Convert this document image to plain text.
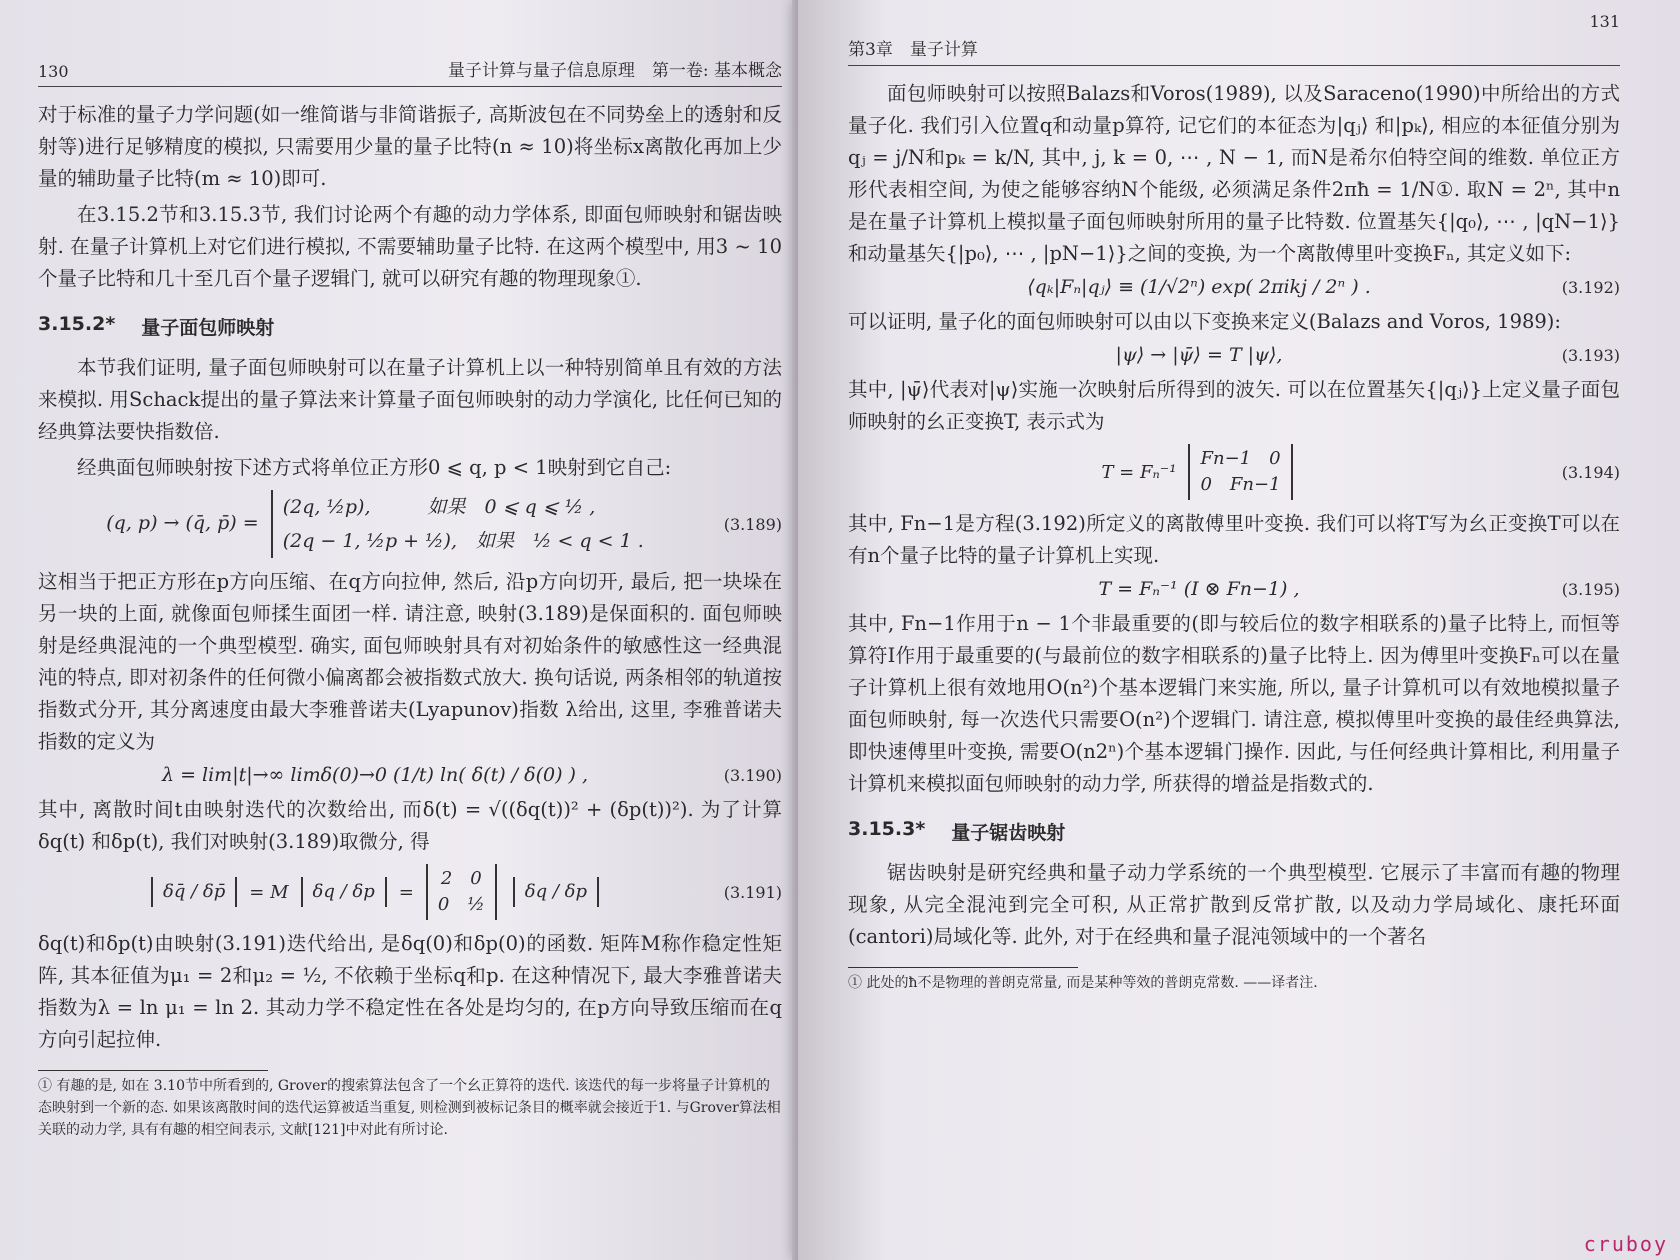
130	量子计算与量子信息原理　第一卷: 基本概念

对于标准的量子力学问题(如一维简谐与非简谐振子, 高斯波包在不同势垒上的透射和反射等)进行足够精度的模拟, 只需要用少量的量子比特(n ≈ 10)将坐标x离散化再加上少量的辅助量子比特(m ≈ 10)即可.

在3.15.2节和3.15.3节, 我们讨论两个有趣的动力学体系, 即面包师映射和锯齿映射. 在量子计算机上对它们进行模拟, 不需要辅助量子比特. 在这两个模型中, 用3 ~ 10个量子比特和几十至几百个量子逻辑门, 就可以研究有趣的物理现象①.

3.15.2* 量子面包师映射

本节我们证明, 量子面包师映射可以在量子计算机上以一种特别简单且有效的方法来模拟. 用Schack提出的量子算法来计算量子面包师映射的动力学演化, 比任何已知的经典算法要快指数倍.

经典面包师映射按下述方式将单位正方形0 ⩽ q, p < 1映射到它自己:

(q, p) → (q̄, p̄) = (2q, ½p),　　　如果　0 ⩽ q ⩽ ½ ,
(2q − 1, ½p + ½),　如果　½ < q < 1 .
(3.189)

这相当于把正方形在p方向压缩、在q方向拉伸, 然后, 沿p方向切开, 最后, 把一块垛在另一块的上面, 就像面包师揉生面团一样. 请注意, 映射(3.189)是保面积的. 面包师映射是经典混沌的一个典型模型. 确实, 面包师映射具有对初始条件的敏感性这一经典混沌的特点, 即对初条件的任何微小偏离都会被指数式放大. 换句话说, 两条相邻的轨道按指数式分开, 其分离速度由最大李雅普诺夫(Lyapunov)指数 λ给出, 这里, 李雅普诺夫指数的定义为

λ = lim|t|→∞ limδ(0)→0 (1/t) ln( δ(t) / δ(0) ) ,	(3.190)

其中, 离散时间t由映射迭代的次数给出, 而δ(t) = √((δq(t))² + (δp(t))²). 为了计算δq(t) 和δp(t), 我们对映射(3.189)取微分, 得

δq̄ / δp̄	= M	δq / δp	=
2　0
0　½
δq / δp	(3.191)

δq(t)和δp(t)由映射(3.191)迭代给出, 是δq(0)和δp(0)的函数. 矩阵M称作稳定性矩阵, 其本征值为μ₁ = 2和μ₂ = ½, 不依赖于坐标q和p. 在这种情况下, 最大李雅普诺夫指数为λ = ln μ₁ = ln 2. 其动力学不稳定性在各处是均匀的, 在p方向导致压缩而在q方向引起拉伸.

① 有趣的是, 如在 3.10节中所看到的, Grover的搜索算法包含了一个幺正算符的迭代. 该迭代的每一步将量子计算机的态映射到一个新的态. 如果该离散时间的迭代运算被适当重复, 则检测到被标记条目的概率就会接近于1. 与Grover算法相关联的动力学, 具有有趣的相空间表示, 文献[121]中对此有所讨论.

131
第3章　量子计算

面包师映射可以按照Balazs和Voros(1989), 以及Saraceno(1990)中所给出的方式量子化. 我们引入位置q和动量p算符, 记它们的本征态为|qⱼ⟩ 和|pₖ⟩, 相应的本征值分别为qⱼ = j/N和pₖ = k/N, 其中, j, k = 0, ⋯ , N − 1, 而N是希尔伯特空间的维数. 单位正方形代表相空间, 为使之能够容纳N个能级, 必须满足条件2πħ = 1/N①. 取N = 2ⁿ, 其中n是在量子计算机上模拟量子面包师映射所用的量子比特数. 位置基矢{|q₀⟩, ⋯ , |qN−1⟩}和动量基矢{|p₀⟩, ⋯ , |pN−1⟩}之间的变换, 为一个离散傅里叶变换Fₙ, 其定义如下:

⟨qₖ|Fₙ|qⱼ⟩ ≡ (1/√2ⁿ) exp( 2πikj / 2ⁿ ) .	(3.192)

可以证明, 量子化的面包师映射可以由以下变换来定义(Balazs and Voros, 1989):

|ψ⟩ → |ψ̄⟩ = T |ψ⟩,	(3.193)

其中, |ψ̄⟩代表对|ψ⟩实施一次映射后所得到的波矢. 可以在位置基矢{|qⱼ⟩}上定义量子面包师映射的幺正变换T, 表示式为

T = Fₙ⁻¹
Fn−1　0
0　Fn−1
(3.194)

其中, Fn−1是方程(3.192)所定义的离散傅里叶变换. 我们可以将T写为幺正变换T可以在有n个量子比特的量子计算机上实现.

T = Fₙ⁻¹ (I ⊗ Fn−1) ,	(3.195)

其中, Fn−1作用于n − 1个非最重要的(即与较后位的数字相联系的)量子比特上, 而恒等算符I作用于最重要的(与最前位的数字相联系的)量子比特上. 因为傅里叶变换Fₙ可以在量子计算机上很有效地用O(n²)个基本逻辑门来实施, 所以, 量子计算机可以有效地模拟量子面包师映射, 每一次迭代只需要O(n²)个逻辑门. 请注意, 模拟傅里叶变换的最佳经典算法, 即快速傅里叶变换, 需要O(n2ⁿ)个基本逻辑门操作. 因此, 与任何经典计算相比, 利用量子计算机来模拟面包师映射的动力学, 所获得的增益是指数式的.

3.15.3* 量子锯齿映射

锯齿映射是研究经典和量子动力学系统的一个典型模型. 它展示了丰富而有趣的物理现象, 从完全混沌到完全可积, 从正常扩散到反常扩散, 以及动力学局域化、康托环面(cantori)局域化等. 此外, 对于在经典和量子混沌领域中的一个著名

① 此处的ħ不是物理的普朗克常量, 而是某种等效的普朗克常数. ——译者注.

cruboy
